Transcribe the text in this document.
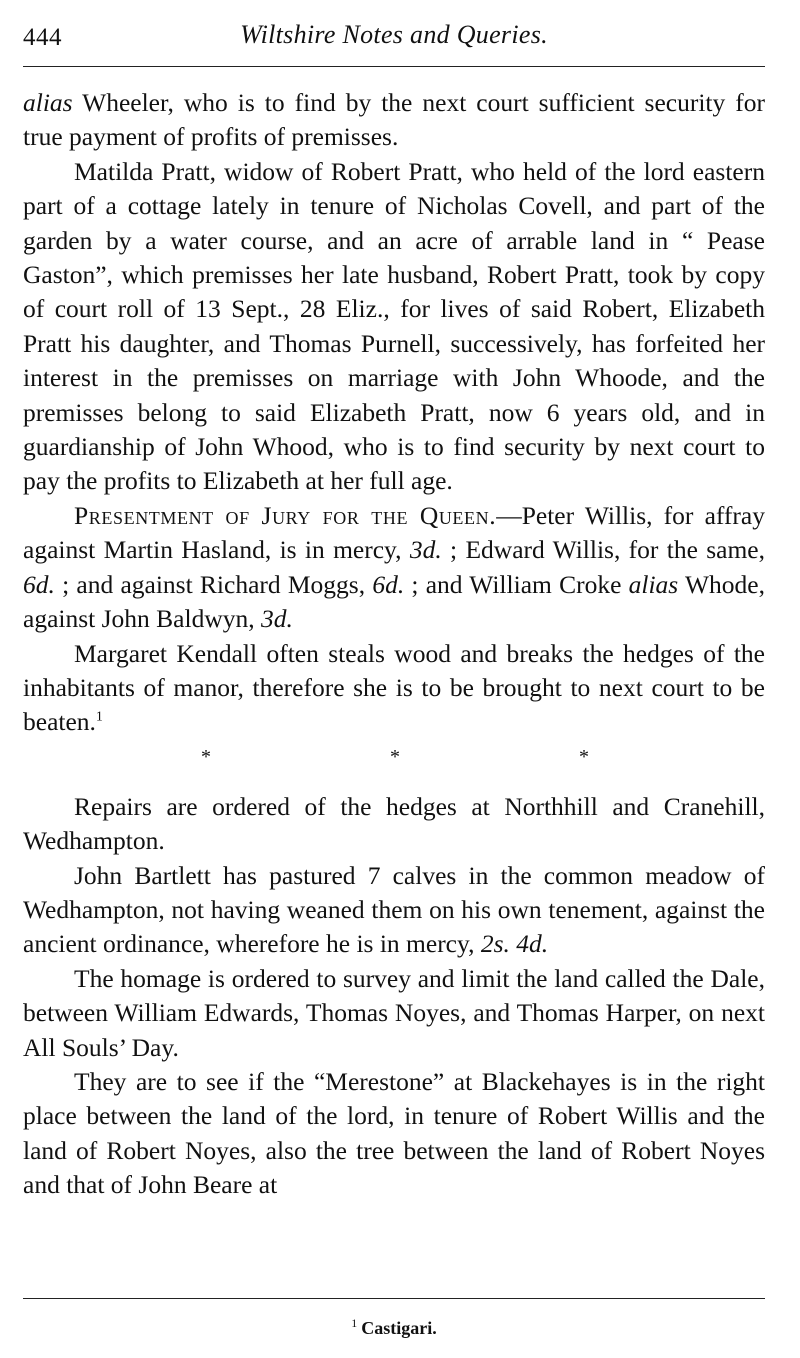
444	Wiltshire Notes and Queries.

alias Wheeler, who is to find by the next court sufficient security for true payment of profits of premisses.

Matilda Pratt, widow of Robert Pratt, who held of the lord eastern part of a cottage lately in tenure of Nicholas Covell, and part of the garden by a water course, and an acre of arrable land in “ Pease Gaston”, which premisses her late husband, Robert Pratt, took by copy of court roll of 13 Sept., 28 Eliz., for lives of said Robert, Elizabeth Pratt his daughter, and Thomas Purnell, successively, has forfeited her interest in the premisses on marriage with John Whoode, and the premisses belong to said Elizabeth Pratt, now 6 years old, and in guardianship of John Whood, who is to find security by next court to pay the profits to Elizabeth at her full age.

Presentment of Jury for the Queen.—Peter Willis, for affray against Martin Hasland, is in mercy, 3d. ; Edward Willis, for the same, 6d. ; and against Richard Moggs, 6d. ; and William Croke alias Whode, against John Baldwyn, 3d.

Margaret Kendall often steals wood and breaks the hedges of the inhabitants of manor, therefore she is to be brought to next court to be beaten.$^1$

*	*	*

Repairs are ordered of the hedges at Northhill and Cranehill, Wedhampton.

John Bartlett has pastured 7 calves in the common meadow of Wedhampton, not having weaned them on his own tenement, against the ancient ordinance, wherefore he is in mercy, 2s. 4d.

The homage is ordered to survey and limit the land called the Dale, between William Edwards, Thomas Noyes, and Thomas Harper, on next All Souls’ Day.

They are to see if the “Merestone” at Blackehayes is in the right place between the land of the lord, in tenure of Robert Willis and the land of Robert Noyes, also the tree between the land of Robert Noyes and that of John Beare at

$^1$ Castigari.
